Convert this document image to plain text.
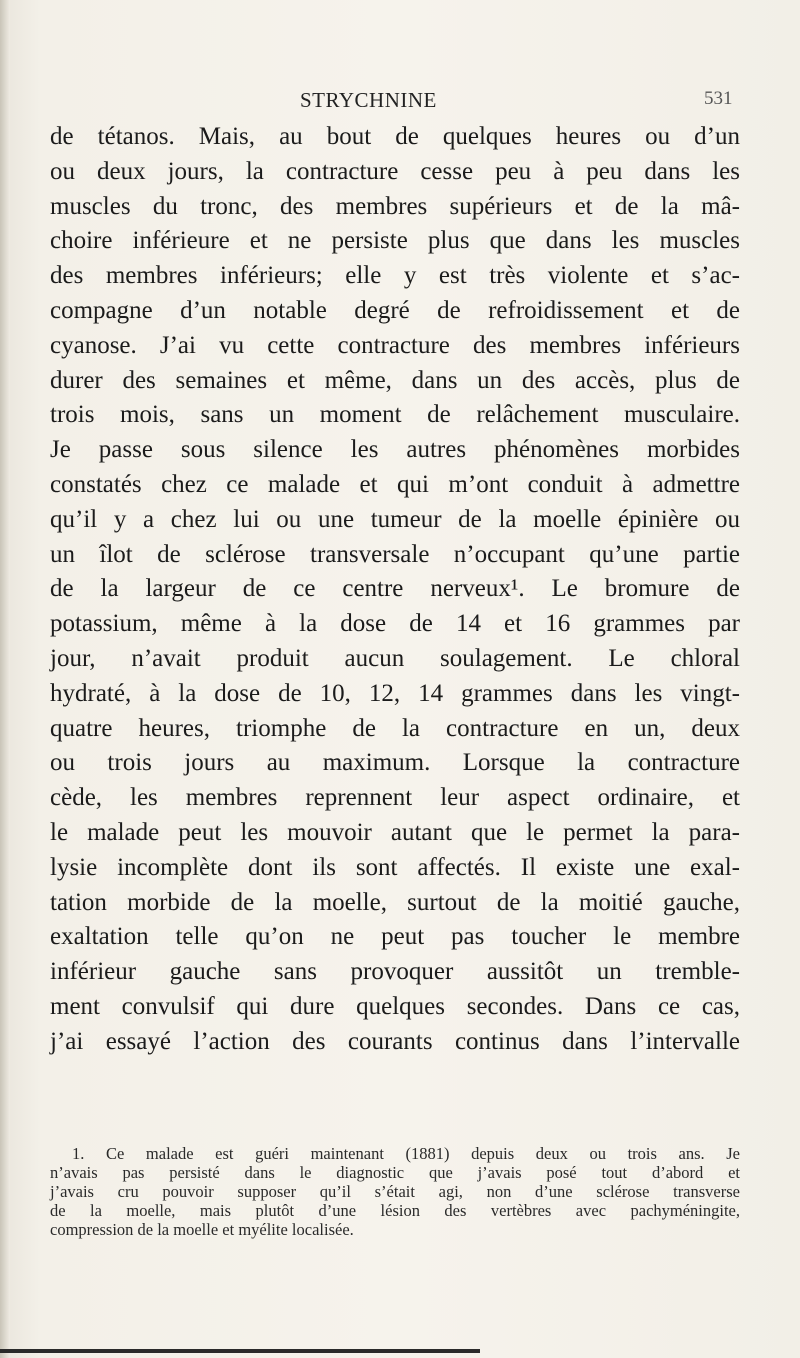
STRYCHNINE	531
de tétanos. Mais, au bout de quelques heures ou d’un
ou deux jours, la contracture cesse peu à peu dans les
muscles du tronc, des membres supérieurs et de la mâ-
choire inférieure et ne persiste plus que dans les muscles
des membres inférieurs; elle y est très violente et s’ac-
compagne d’un notable degré de refroidissement et de
cyanose. J’ai vu cette contracture des membres inférieurs
durer des semaines et même, dans un des accès, plus de
trois mois, sans un moment de relâchement musculaire.
Je passe sous silence les autres phénomènes morbides
constatés chez ce malade et qui m’ont conduit à admettre
qu’il y a chez lui ou une tumeur de la moelle épinière ou
un îlot de sclérose transversale n’occupant qu’une partie
de la largeur de ce centre nerveux¹. Le bromure de
potassium, même à la dose de 14 et 16 grammes par
jour, n’avait produit aucun soulagement. Le chloral
hydraté, à la dose de 10, 12, 14 grammes dans les vingt-
quatre heures, triomphe de la contracture en un, deux
ou trois jours au maximum. Lorsque la contracture
cède, les membres reprennent leur aspect ordinaire, et
le malade peut les mouvoir autant que le permet la para-
lysie incomplète dont ils sont affectés. Il existe une exal-
tation morbide de la moelle, surtout de la moitié gauche,
exaltation telle qu’on ne peut pas toucher le membre
inférieur gauche sans provoquer aussitôt un tremble-
ment convulsif qui dure quelques secondes. Dans ce cas,
j’ai essayé l’action des courants continus dans l’intervalle
1. Ce malade est guéri maintenant (1881) depuis deux ou trois ans. Je
n’avais pas persisté dans le diagnostic que j’avais posé tout d’abord et
j’avais cru pouvoir supposer qu’il s’était agi, non d’une sclérose transverse
de la moelle, mais plutôt d’une lésion des vertèbres avec pachyméningite,
compression de la moelle et myélite localisée.
